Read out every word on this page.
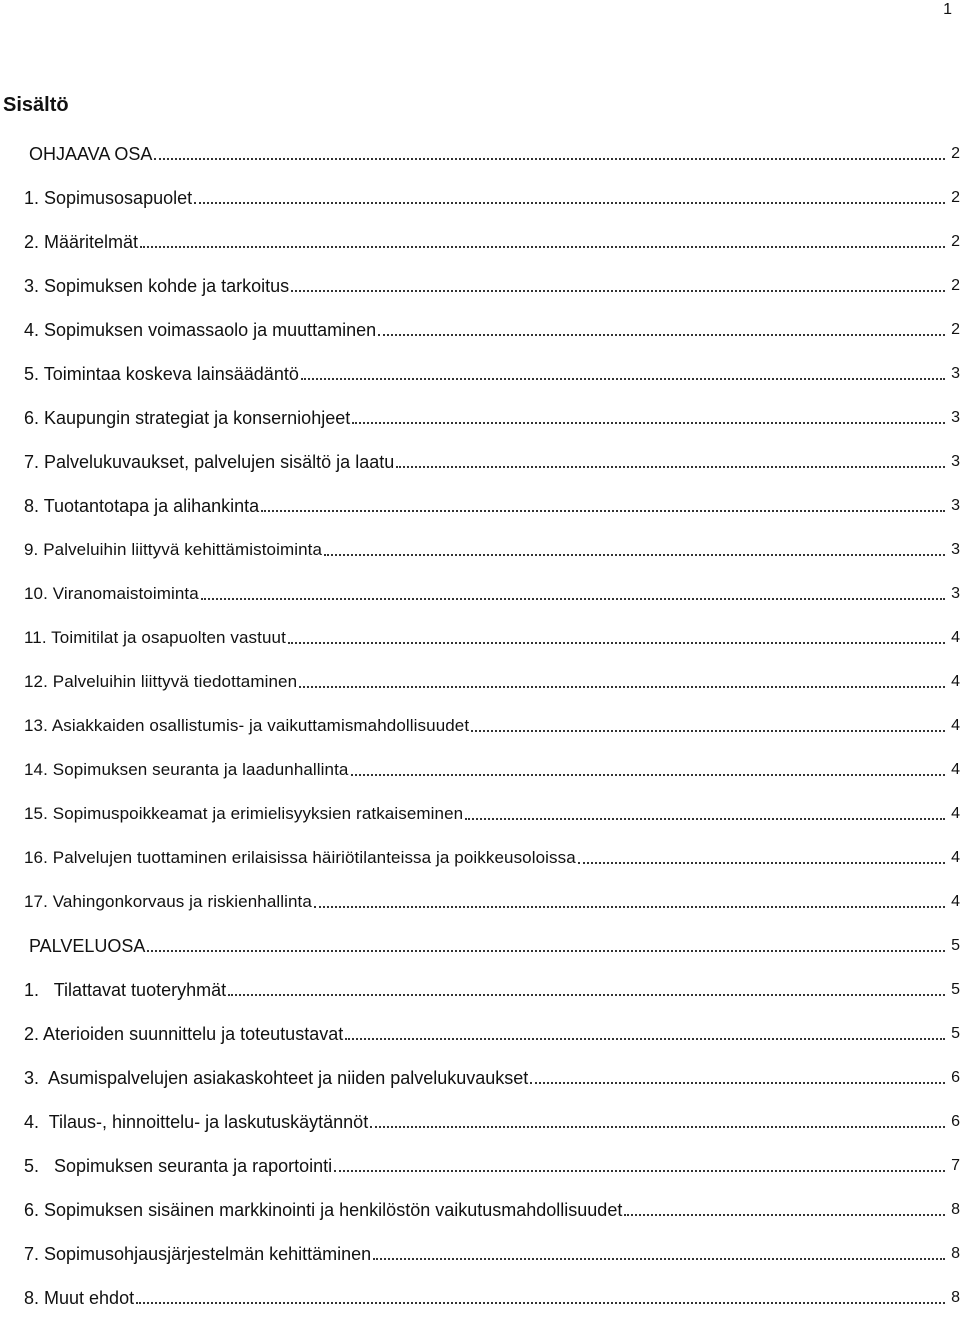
1
Sisältö
OHJAAVA OSA	2
1. Sopimusosapuolet	2
2. Määritelmät	2
3. Sopimuksen kohde ja tarkoitus	2
4. Sopimuksen voimassaolo ja muuttaminen	2
5. Toimintaa koskeva lainsäädäntö	3
6. Kaupungin strategiat ja konserniohjeet	3
7. Palvelukuvaukset, palvelujen sisältö ja laatu	3
8. Tuotantotapa ja alihankinta	3
9. Palveluihin liittyvä kehittämistoiminta	3
10. Viranomaistoiminta	3
11. Toimitilat ja osapuolten vastuut	4
12. Palveluihin liittyvä tiedottaminen	4
13. Asiakkaiden osallistumis- ja vaikuttamismahdollisuudet	4
14. Sopimuksen seuranta ja laadunhallinta	4
15. Sopimuspoikkeamat ja erimielisyyksien ratkaiseminen	4
16. Palvelujen tuottaminen erilaisissa häiriötilanteissa ja poikkeusoloissa	4
17. Vahingonkorvaus ja riskienhallinta	4
PALVELUOSA	5
1.   Tilattavat tuoteryhmät	5
2. Aterioiden suunnittelu ja toteutustavat	5
3.  Asumispalvelujen asiakaskohteet ja niiden palvelukuvaukset	6
4.  Tilaus-, hinnoittelu- ja laskutuskäytännöt	6
5.   Sopimuksen seuranta ja raportointi	7
6. Sopimuksen sisäinen markkinointi ja henkilöstön vaikutusmahdollisuudet	8
7. Sopimusohjausjärjestelmän kehittäminen	8
8. Muut ehdot	8
